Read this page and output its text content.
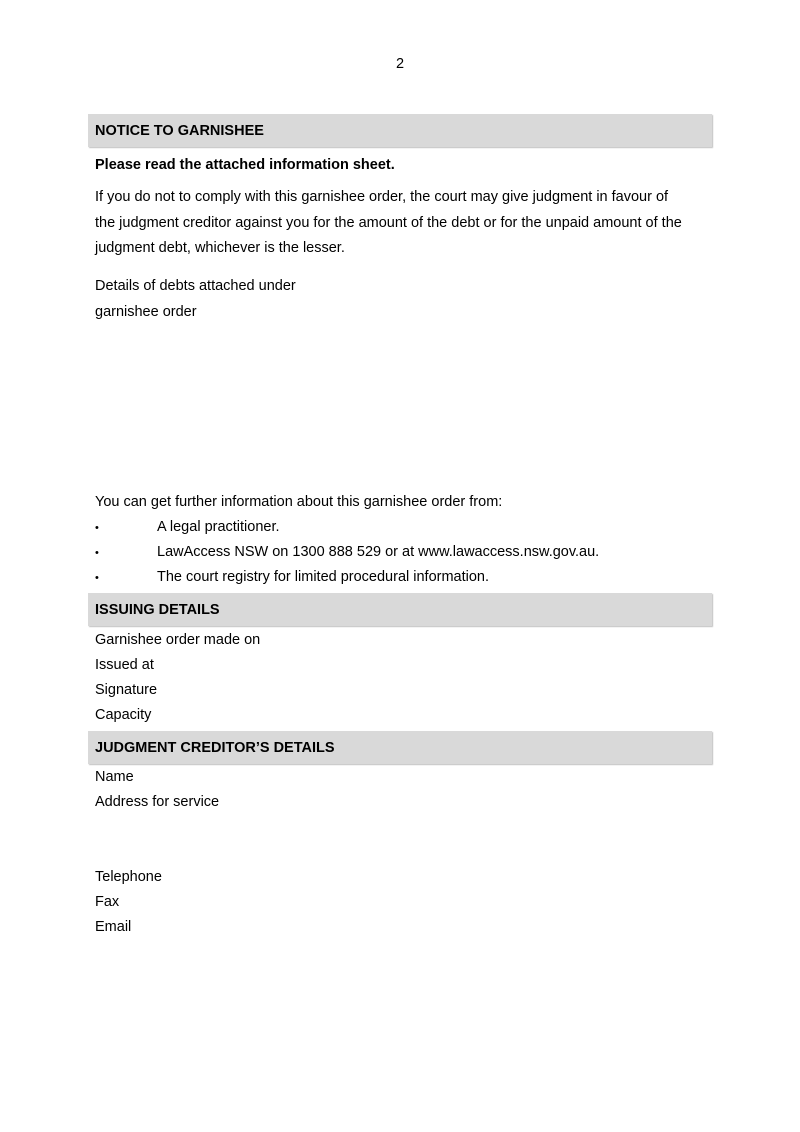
2
NOTICE TO GARNISHEE
Please read the attached information sheet.
If you do not to comply with this garnishee order, the court may give judgment in favour of
the judgment creditor against you for the amount of the debt or for the unpaid amount of the
judgment debt, whichever is the lesser.
Details of debts attached under
garnishee order
You can get further information about this garnishee order from:
•	A legal practitioner.
•	LawAccess NSW on 1300 888 529 or at www.lawaccess.nsw.gov.au.
•	The court registry for limited procedural information.
ISSUING DETAILS
Garnishee order made on
Issued at
Signature
Capacity
JUDGMENT CREDITOR’S DETAILS
Name
Address for service
Telephone
Fax
Email
